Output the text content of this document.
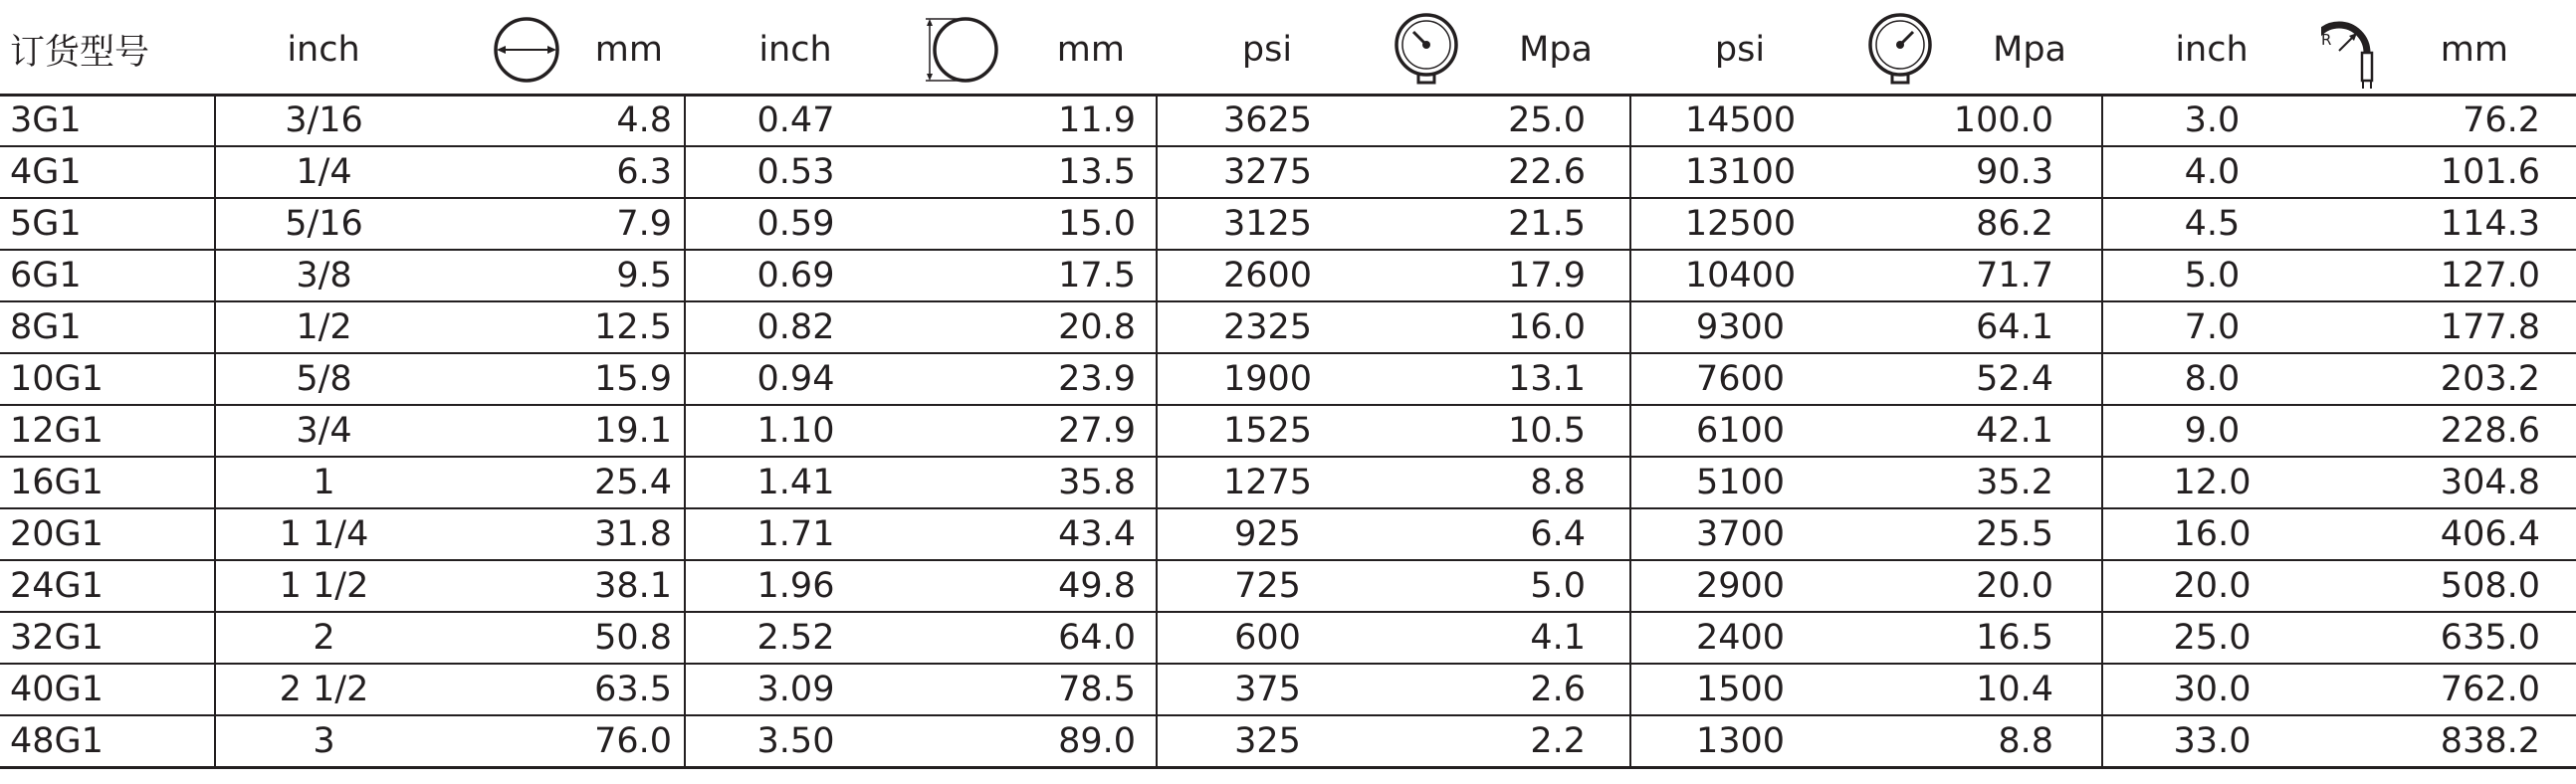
订货型号	inch	mm	inch	mm	psi	Mpa	psi	Mpa	inch	R mm

3G1	3/16	4.8	0.47	11.9	3625	25.0	14500	100.0	3.0	76.2
4G1	1/4	6.3	0.53	13.5	3275	22.6	13100	90.3	4.0	101.6
5G1	5/16	7.9	0.59	15.0	3125	21.5	12500	86.2	4.5	114.3
6G1	3/8	9.5	0.69	17.5	2600	17.9	10400	71.7	5.0	127.0
8G1	1/2	12.5	0.82	20.8	2325	16.0	9300	64.1	7.0	177.8
10G1	5/8	15.9	0.94	23.9	1900	13.1	7600	52.4	8.0	203.2
12G1	3/4	19.1	1.10	27.9	1525	10.5	6100	42.1	9.0	228.6
16G1	1	25.4	1.41	35.8	1275	8.8	5100	35.2	12.0	304.8
20G1	1 1/4	31.8	1.71	43.4	925	6.4	3700	25.5	16.0	406.4
24G1	1 1/2	38.1	1.96	49.8	725	5.0	2900	20.0	20.0	508.0
32G1	2	50.8	2.52	64.0	600	4.1	2400	16.5	25.0	635.0
40G1	2 1/2	63.5	3.09	78.5	375	2.6	1500	10.4	30.0	762.0
48G1	3	76.0	3.50	89.0	325	2.2	1300	8.8	33.0	838.2
